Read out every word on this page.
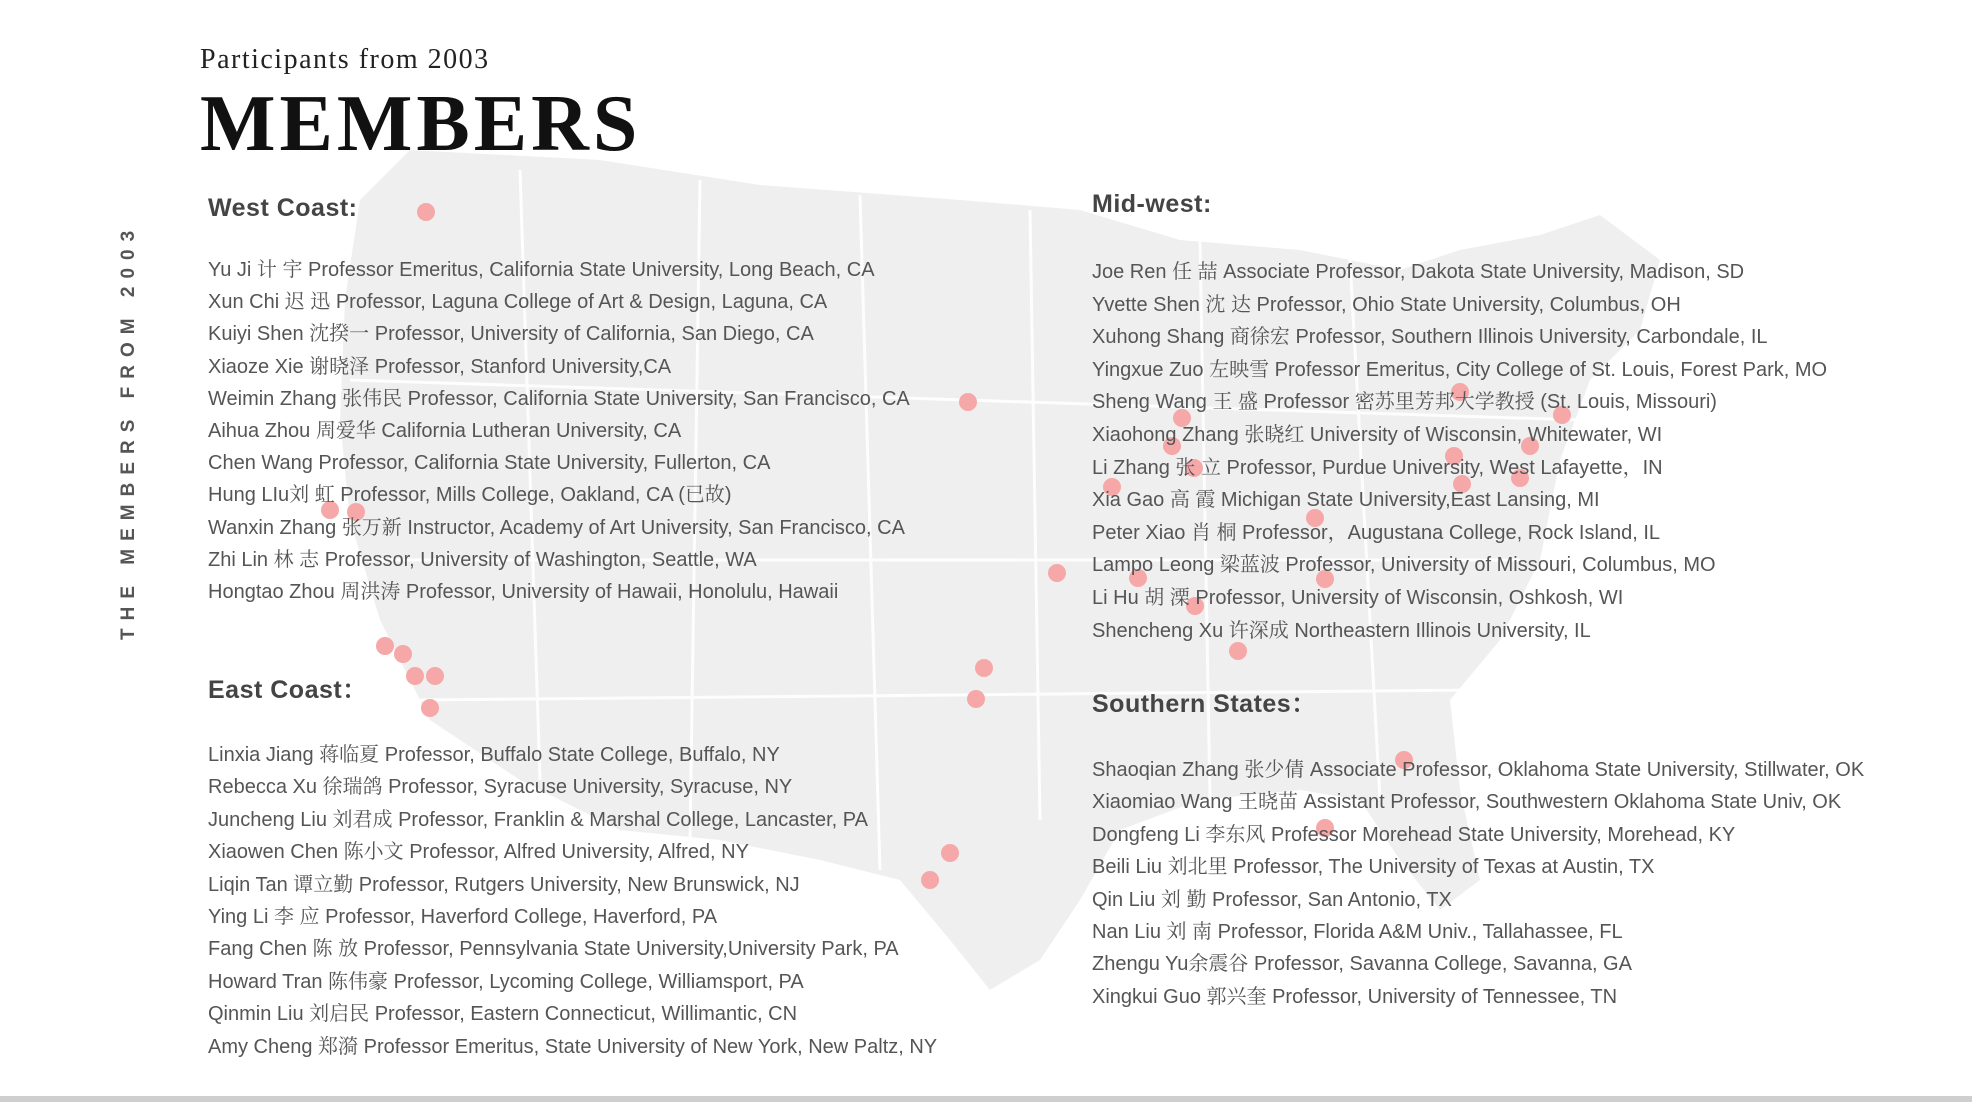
Participants from 2003
MEMBERS
THE MEMBERS FROM 2003
West Coast:
Yu Ji 计 宇 Professor Emeritus, California State University, Long Beach, CA
Xun Chi 迟 迅 Professor, Laguna College of Art & Design, Laguna, CA
Kuiyi Shen 沈揆一 Professor, University of California, San Diego, CA
Xiaoze Xie 谢晓泽 Professor, Stanford University,CA
Weimin Zhang 张伟民 Professor, California State University, San Francisco, CA
Aihua Zhou 周爱华 California Lutheran University, CA
Chen Wang Professor, California State University, Fullerton, CA
Hung LIu刘 虹 Professor, Mills College, Oakland, CA (已故)
Wanxin Zhang 张万新 Instructor, Academy of Art University, San Francisco, CA
Zhi Lin 林 志 Professor, University of Washington, Seattle, WA
Hongtao Zhou 周洪涛 Professor, University of Hawaii, Honolulu, Hawaii
East Coast：
Linxia Jiang 蒋临夏 Professor, Buffalo State College, Buffalo, NY
Rebecca Xu 徐瑞鸽 Professor, Syracuse University, Syracuse, NY
Juncheng Liu 刘君成 Professor, Franklin & Marshal College, Lancaster, PA
Xiaowen Chen 陈小文 Professor, Alfred University, Alfred, NY
Liqin Tan 谭立勤 Professor, Rutgers University, New Brunswick, NJ
Ying Li 李 应 Professor, Haverford College, Haverford, PA
Fang Chen 陈 放 Professor, Pennsylvania State University,University Park, PA
Howard Tran 陈伟豪 Professor, Lycoming College, Williamsport, PA
Qinmin Liu 刘启民 Professor, Eastern Connecticut, Willimantic, CN
Amy Cheng 郑漪 Professor Emeritus, State University of New York, New Paltz, NY
Mid-west:
Joe Ren 任 喆 Associate Professor, Dakota State University, Madison, SD
Yvette Shen 沈 达 Professor, Ohio State University, Columbus, OH
Xuhong Shang 商徐宏 Professor, Southern Illinois University, Carbondale, IL
Yingxue Zuo 左映雪 Professor Emeritus, City College of St. Louis, Forest Park, MO
Sheng Wang 王 盛 Professor 密苏里芳邦大学教授 (St. Louis, Missouri)
Xiaohong Zhang 张晓红 University of Wisconsin, Whitewater, WI
Li Zhang 张 立 Professor, Purdue University, West Lafayette，IN
Xia Gao 高 霞 Michigan State University,East Lansing, MI
Peter Xiao 肖 桐 Professor，Augustana College, Rock Island, IL
Lampo Leong 梁蓝波 Professor, University of Missouri, Columbus, MO
Li Hu 胡 溧 Professor, University of Wisconsin, Oshkosh, WI
Shencheng Xu 许深成 Northeastern Illinois University, IL
Southern States：
Shaoqian Zhang 张少倩 Associate Professor, Oklahoma State University, Stillwater, OK
Xiaomiao Wang 王晓苗 Assistant Professor, Southwestern Oklahoma State Univ, OK
Dongfeng Li 李东风 Professor Morehead State University, Morehead, KY
Beili Liu 刘北里 Professor, The University of Texas at Austin, TX
Qin Liu 刘 勤 Professor, San Antonio, TX
Nan Liu 刘 南 Professor, Florida A&M Univ., Tallahassee, FL
Zhengu Yu余震谷 Professor, Savanna College, Savanna, GA
Xingkui Guo 郭兴奎 Professor, University of Tennessee, TN
